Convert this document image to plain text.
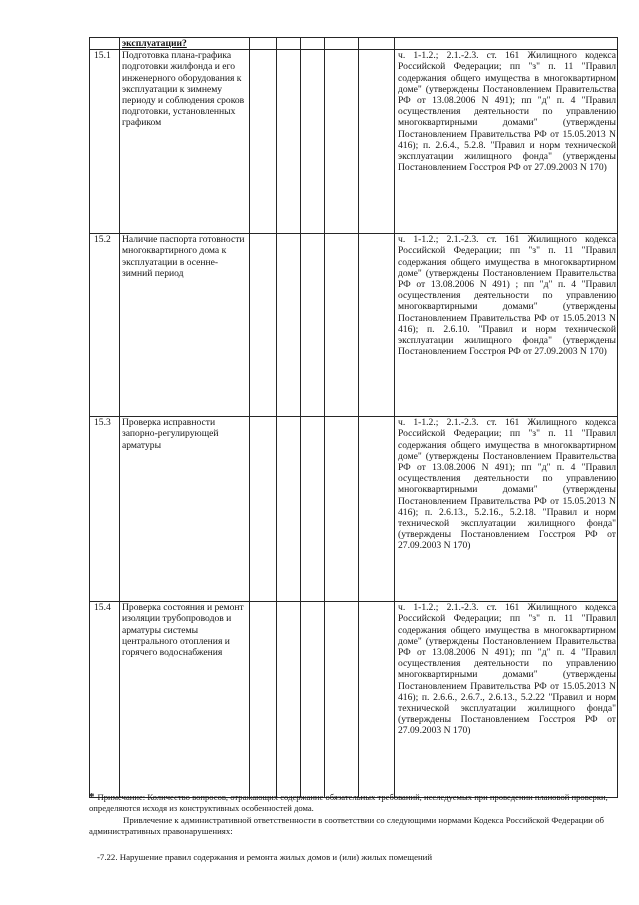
	эксплуатации?						
15.1	Подготовка плана-графика подготовки жилфонда и его инженерного оборудования к эксплуатации к зимнему периоду и соблюдения сроков подготовки, установленных графиком						ч. 1-1.2.; 2.1.-2.3. ст. 161 Жилищного кодекса Российской Федерации; пп "з" п. 11 "Правил содержания общего имущества в многоквартирном доме" (утверждены Постановлением Правительства РФ от 13.08.2006 N 491); пп "д" п. 4 "Правил осуществления деятельности по управлению многоквартирными домами" (утверждены Постановлением Правительства РФ от 15.05.2013 N 416); п. 2.6.4., 5.2.8. "Правил и норм технической эксплуатации жилищного фонда" (утверждены Постановлением Госстроя РФ от 27.09.2003 N 170)
15.2	Наличие паспорта готовности многоквартирного дома к эксплуатации в осенне-зимний период						ч. 1-1.2.; 2.1.-2.3. ст. 161 Жилищного кодекса Российской Федерации; пп "з" п. 11 "Правил содержания общего имущества в многоквартирном доме" (утверждены Постановлением Правительства РФ от 13.08.2006 N 491) ; пп "д" п. 4 "Правил осуществления деятельности по управлению многоквартирными домами" (утверждены Постановлением Правительства РФ от 15.05.2013 N 416); п. 2.6.10. "Правил и норм технической эксплуатации жилищного фонда" (утверждены Постановлением Госстроя РФ от 27.09.2003 N 170)
15.3	Проверка исправности запорно-регулирующей арматуры						ч. 1-1.2.; 2.1.-2.3. ст. 161 Жилищного кодекса Российской Федерации; пп "з" п. 11 "Правил содержания общего имущества в многоквартирном доме" (утверждены Постановлением Правительства РФ от 13.08.2006 N 491); пп "д" п. 4 "Правил осуществления деятельности по управлению многоквартирными домами" (утверждены Постановлением Правительства РФ от 15.05.2013 N 416); п. 2.6.13., 5.2.16., 5.2.18. "Правил и норм технической эксплуатации жилищного фонда" (утверждены Постановлением Госстроя РФ от 27.09.2003 N 170)
15.4	Проверка состояния и ремонт изоляции трубопроводов и арматуры системы центрального отопления и горячего водоснабжения						ч. 1-1.2.; 2.1.-2.3. ст. 161 Жилищного кодекса Российской Федерации; пп "з" п. 11 "Правил содержания общего имущества в многоквартирном доме" (утверждены Постановлением Правительства РФ от 13.08.2006 N 491); пп "д" п. 4 "Правил осуществления деятельности по управлению многоквартирными домами" (утверждены Постановлением Правительства РФ от 15.05.2013 N 416); п. 2.6.6., 2.6.7., 2.6.13., 5.2.22 "Правил и норм технической эксплуатации жилищного фонда" (утверждены Постановлением Госстроя РФ от 27.09.2003 N 170)

* Примечание: Количество вопросов, отражающих содержание обязательных требований, исследуемых при проведении плановой проверки, определяются исходя из конструктивных особенностей дома.

Привлечение к административной ответственности в соответствии со следующими нормами Кодекса Российской Федерации об административных правонарушениях:

-7.22. Нарушение правил содержания и ремонта жилых домов и (или) жилых помещений
